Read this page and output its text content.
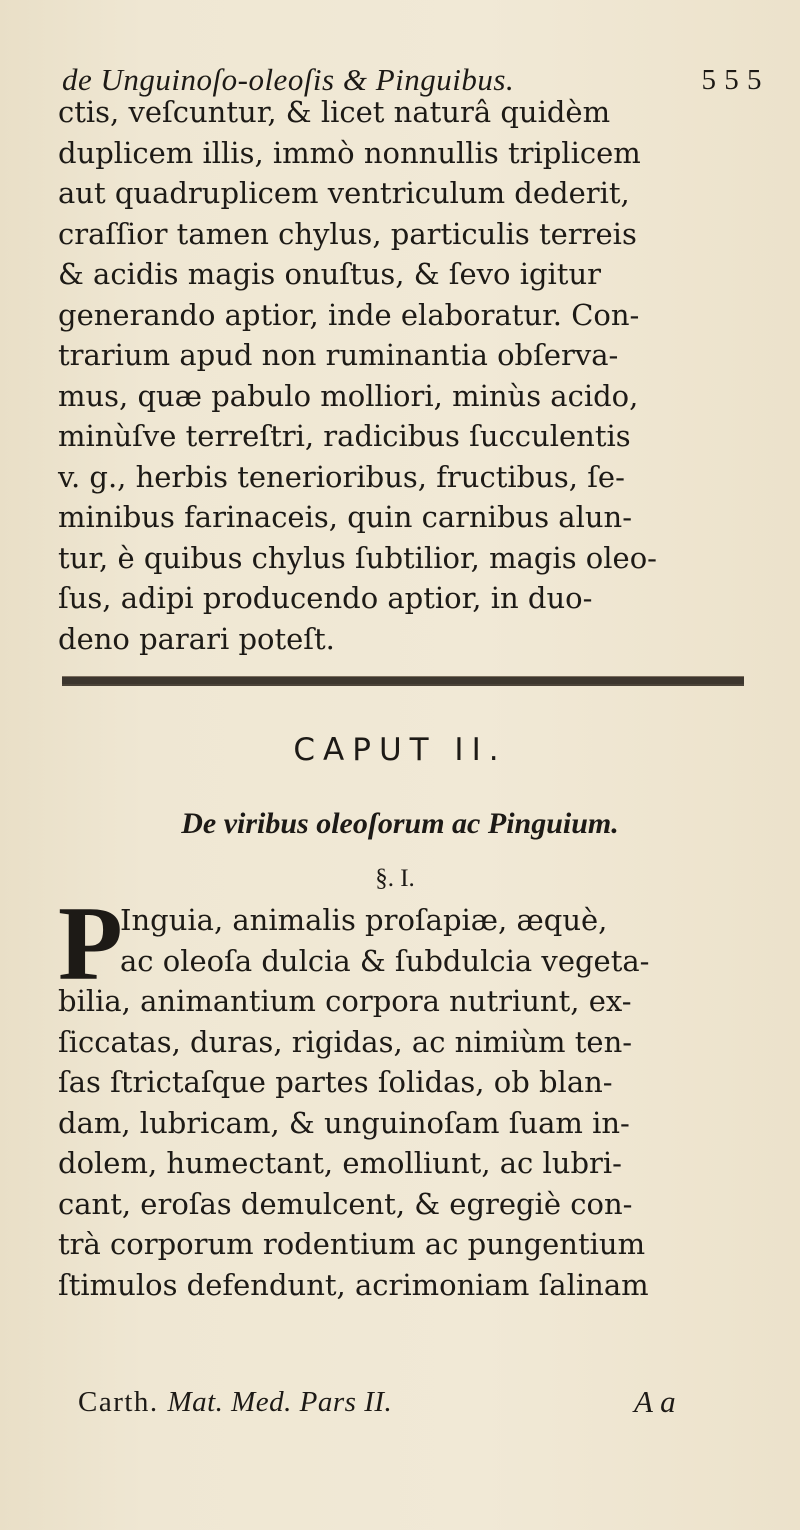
de Unguinoſo-oleoſis & Pinguibus.	5 5 5
ctis, veſcuntur, & licet naturâ quidèm
duplicem illis, immò nonnullis triplicem
aut quadruplicem ventriculum dederit,
craſſior tamen chylus, particulis terreis
& acidis magis onuſtus, & ſevo igitur
generando aptior, inde elaboratur. Con-
trarium apud non ruminantia obſerva-
mus, quæ pabulo molliori, minùs acido,
minùſve terreſtri, radicibus ſucculentis
v. g., herbis tenerioribus, fructibus, ſe-
minibus farinaceis, quin carnibus alun-
tur, è quibus chylus ſubtilior, magis oleo-
ſus, adipi producendo aptior, in duo-
deno parari poteſt.
CAPUT II.
De viribus oleoſorum ac Pinguium.
§. I.
P
Inguia, animalis proſapiæ, æquè,
ac oleoſa dulcia & ſubdulcia vegeta-
bilia, animantium corpora nutriunt, ex-
ſiccatas, duras, rigidas, ac nimiùm ten-
ſas ſtrictaſque partes ſolidas, ob blan-
dam, lubricam, & unguinoſam ſuam in-
dolem, humectant, emolliunt, ac lubri-
cant, eroſas demulcent, & egregiè con-
trà corporum rodentium ac pungentium
ſtimulos defendunt, acrimoniam ſalinam
Carth. Mat. Med. Pars II.	A a
